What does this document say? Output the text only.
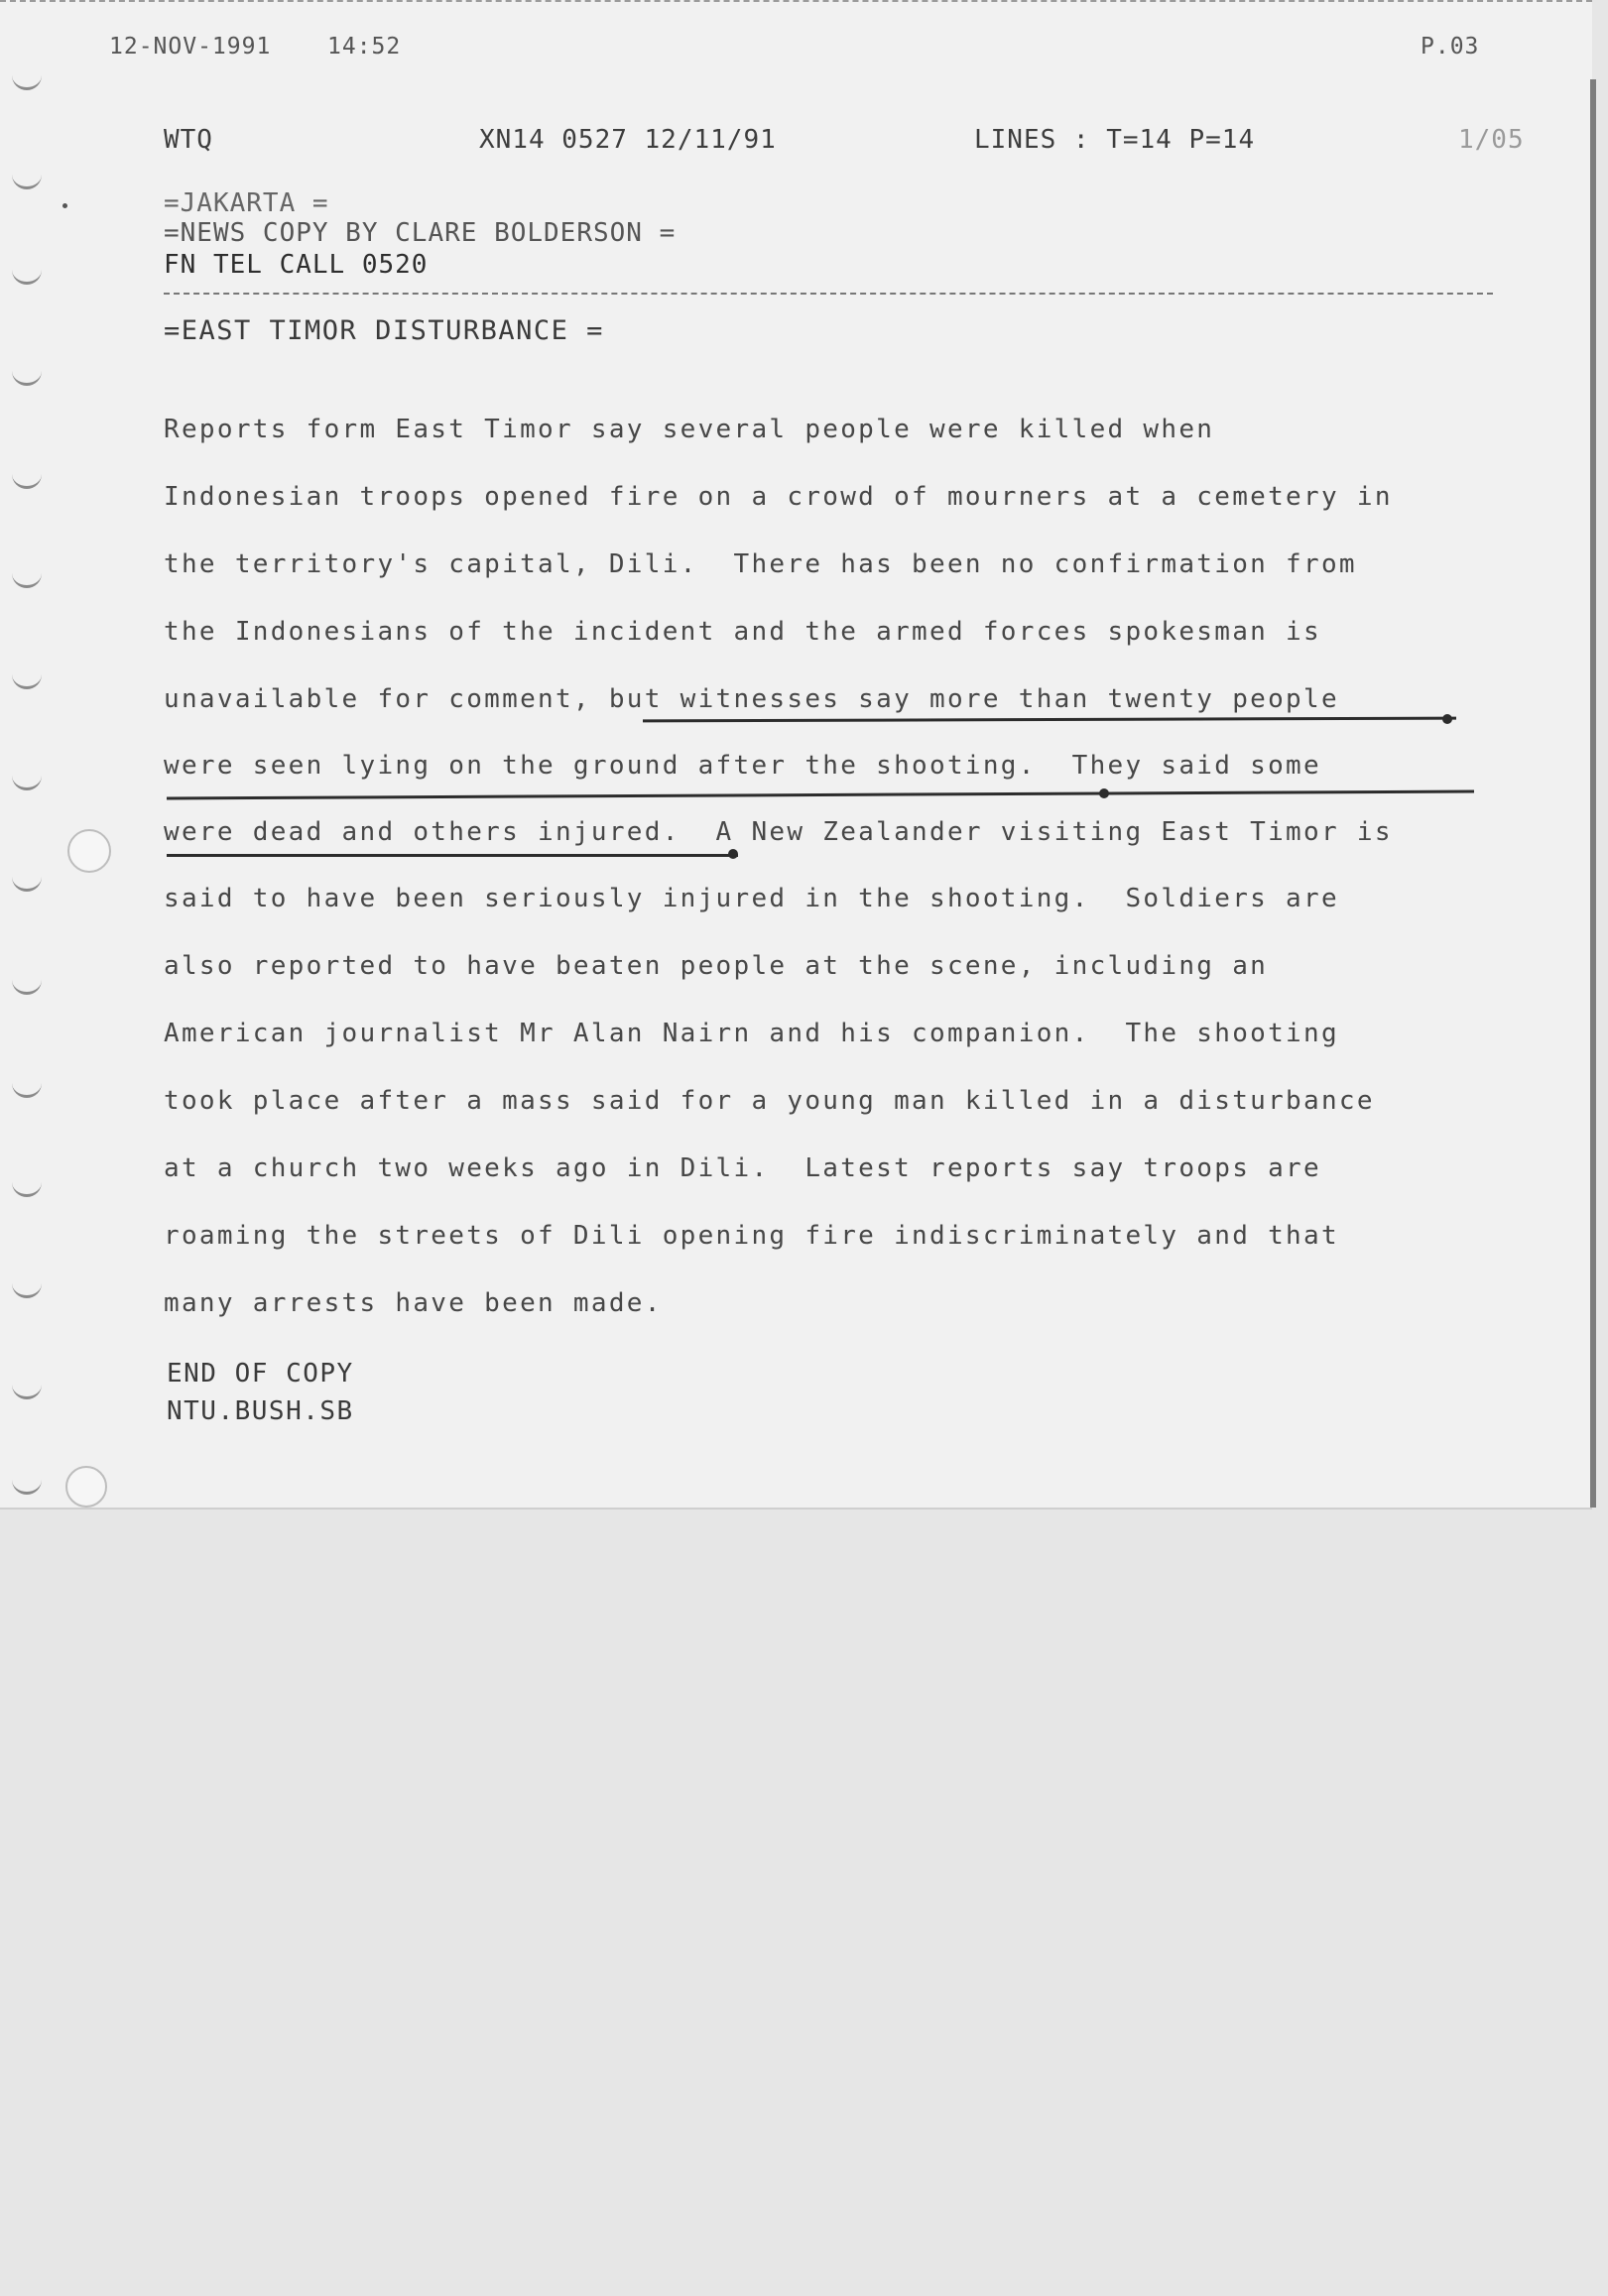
12-NOV-1991 14:52	P.03
WTQ	XN14 0527 12/11/91	LINES : T=14 P=14	1/05
=JAKARTA =
=NEWS COPY BY CLARE BOLDERSON =
FN TEL CALL 0520
=EAST TIMOR DISTURBANCE =
Reports form East Timor say several people were killed when
Indonesian troops opened fire on a crowd of mourners at a cemetery in
the territory's capital, Dili.  There has been no confirmation from
the Indonesians of the incident and the armed forces spokesman is
unavailable for comment, but witnesses say more than twenty people
were seen lying on the ground after the shooting.  They said some
were dead and others injured.  A New Zealander visiting East Timor is
said to have been seriously injured in the shooting.  Soldiers are
also reported to have beaten people at the scene, including an
American journalist Mr Alan Nairn and his companion.  The shooting
took place after a mass said for a young man killed in a disturbance
at a church two weeks ago in Dili.  Latest reports say troops are
roaming the streets of Dili opening fire indiscriminately and that
many arrests have been made.
END OF COPY
NTU.BUSH.SB
